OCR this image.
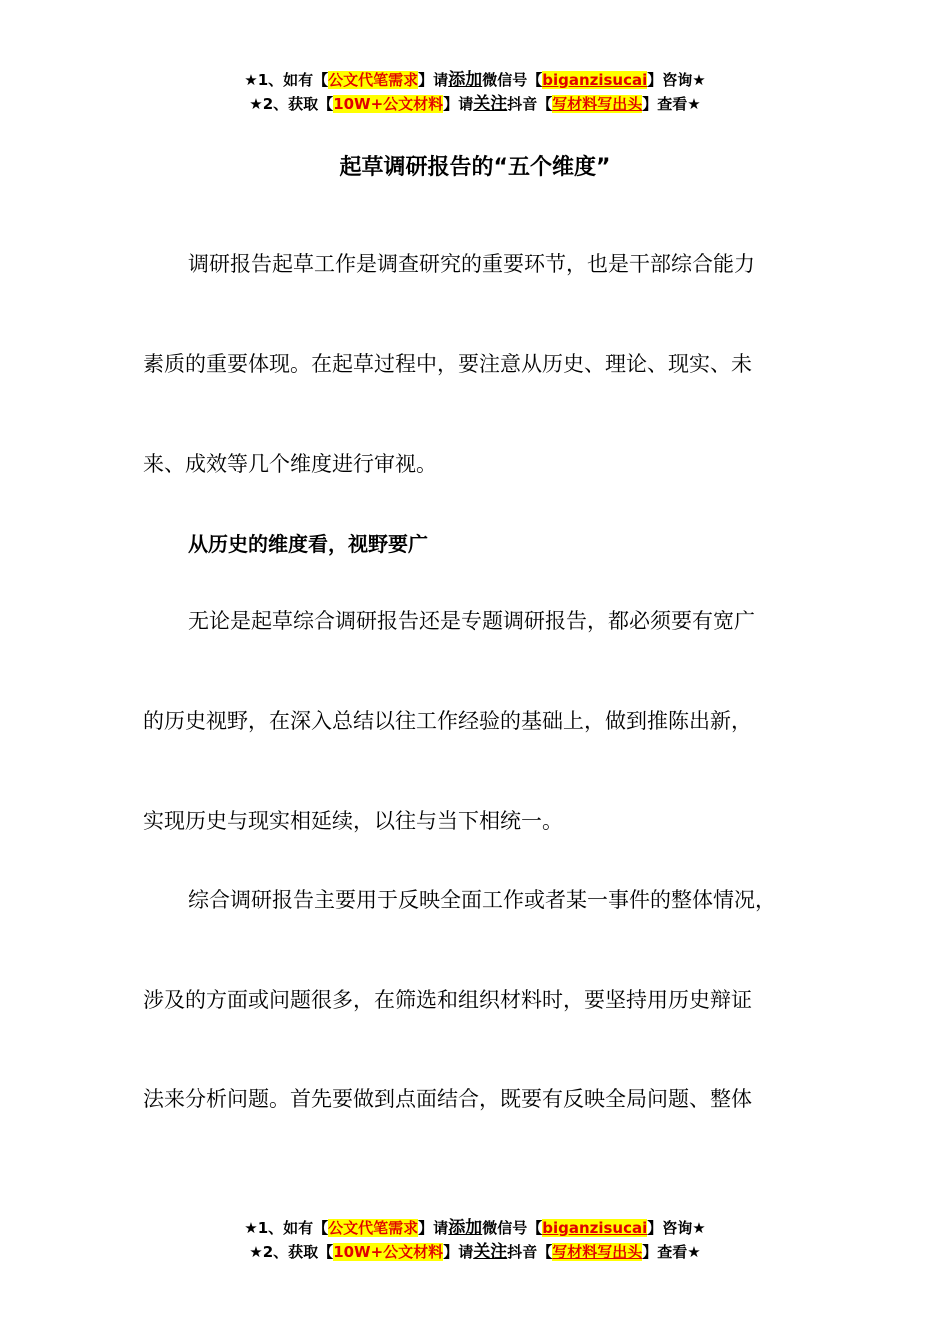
★1、如有【公文代笔需求】请添加微信号【biganzisucai】咨询★
★2、获取【10W+公文材料】请关注抖音【写材料写出头】查看★
起草调研报告的“五个维度”
调研报告起草工作是调查研究的重要环节，也是干部综合能力
素质的重要体现。在起草过程中，要注意从历史、理论、现实、未
来、成效等几个维度进行审视。
从历史的维度看，视野要广
无论是起草综合调研报告还是专题调研报告，都必须要有宽广
的历史视野，在深入总结以往工作经验的基础上，做到推陈出新，
实现历史与现实相延续，以往与当下相统一。
综合调研报告主要用于反映全面工作或者某一事件的整体情况，
涉及的方面或问题很多，在筛选和组织材料时，要坚持用历史辩证
法来分析问题。首先要做到点面结合，既要有反映全局问题、整体
★1、如有【公文代笔需求】请添加微信号【biganzisucai】咨询★
★2、获取【10W+公文材料】请关注抖音【写材料写出头】查看★
